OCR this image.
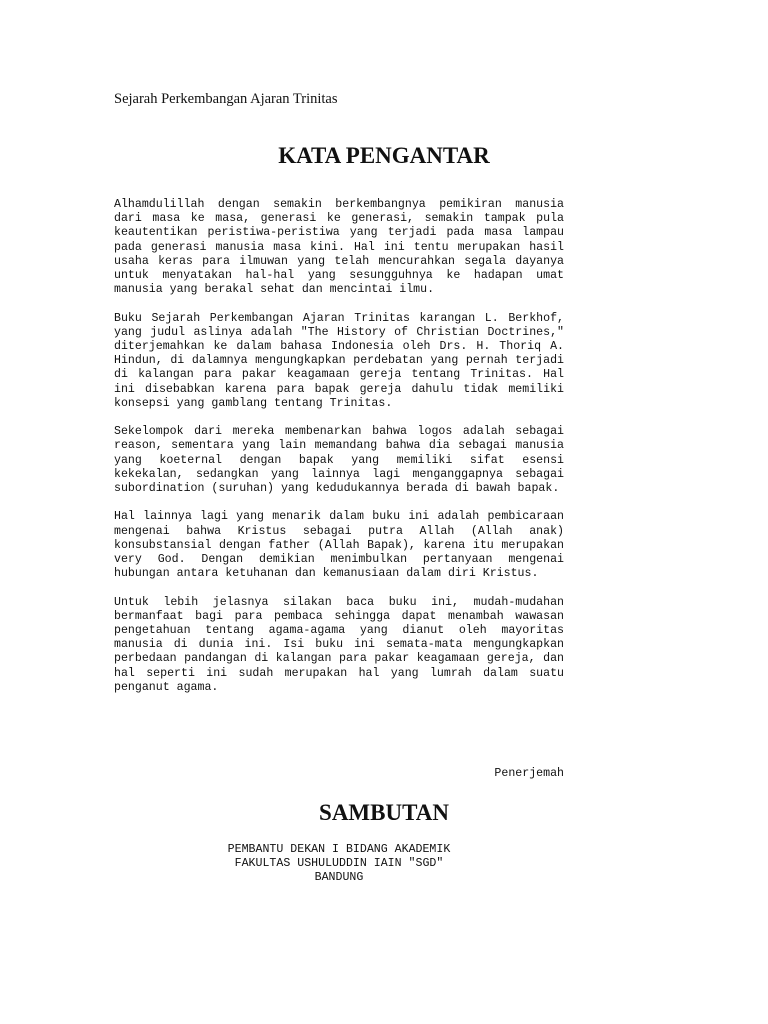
Sejarah Perkembangan Ajaran Trinitas
KATA PENGANTAR

Alhamdulillah dengan semakin berkembangnya pemikiran manusia dari masa ke masa, generasi ke generasi, semakin tampak pula keautentikan peristiwa-peristiwa yang terjadi pada masa lampau pada generasi manusia masa kini. Hal ini tentu merupakan hasil usaha keras para ilmuwan yang telah mencurahkan segala dayanya untuk menyatakan hal-hal yang sesungguhnya ke hadapan umat manusia yang berakal sehat dan mencintai ilmu.

Buku Sejarah Perkembangan Ajaran Trinitas karangan L. Berkhof, yang judul aslinya adalah "The History of Christian Doctrines," diterjemahkan ke dalam bahasa Indonesia oleh Drs. H. Thoriq A. Hindun, di dalamnya mengungkapkan perdebatan yang pernah terjadi di kalangan para pakar keagamaan gereja tentang Trinitas. Hal ini disebabkan karena para bapak gereja dahulu tidak memiliki konsepsi yang gamblang tentang Trinitas.

Sekelompok dari mereka membenarkan bahwa logos adalah sebagai reason, sementara yang lain memandang bahwa dia sebagai manusia yang koeternal dengan bapak yang memiliki sifat esensi kekekalan, sedangkan yang lainnya lagi menganggapnya sebagai subordination (suruhan) yang kedudukannya berada di bawah bapak.

Hal lainnya lagi yang menarik dalam buku ini adalah pembicaraan mengenai bahwa Kristus sebagai putra Allah (Allah anak) konsubstansial dengan father (Allah Bapak), karena itu merupakan very God. Dengan demikian menimbulkan pertanyaan mengenai hubungan antara ketuhanan dan kemanusiaan dalam diri Kristus.

Untuk lebih jelasnya silakan baca buku ini, mudah-mudahan bermanfaat bagi para pembaca sehingga dapat menambah wawasan pengetahuan tentang agama-agama yang dianut oleh mayoritas manusia di dunia ini. Isi buku ini semata-mata mengungkapkan perbedaan pandangan di kalangan para pakar keagamaan gereja, dan hal seperti ini sudah merupakan hal yang lumrah dalam suatu penganut agama.

Penerjemah
SAMBUTAN
PEMBANTU DEKAN I BIDANG AKADEMIK
FAKULTAS USHULUDDIN IAIN "SGD"
BANDUNG
